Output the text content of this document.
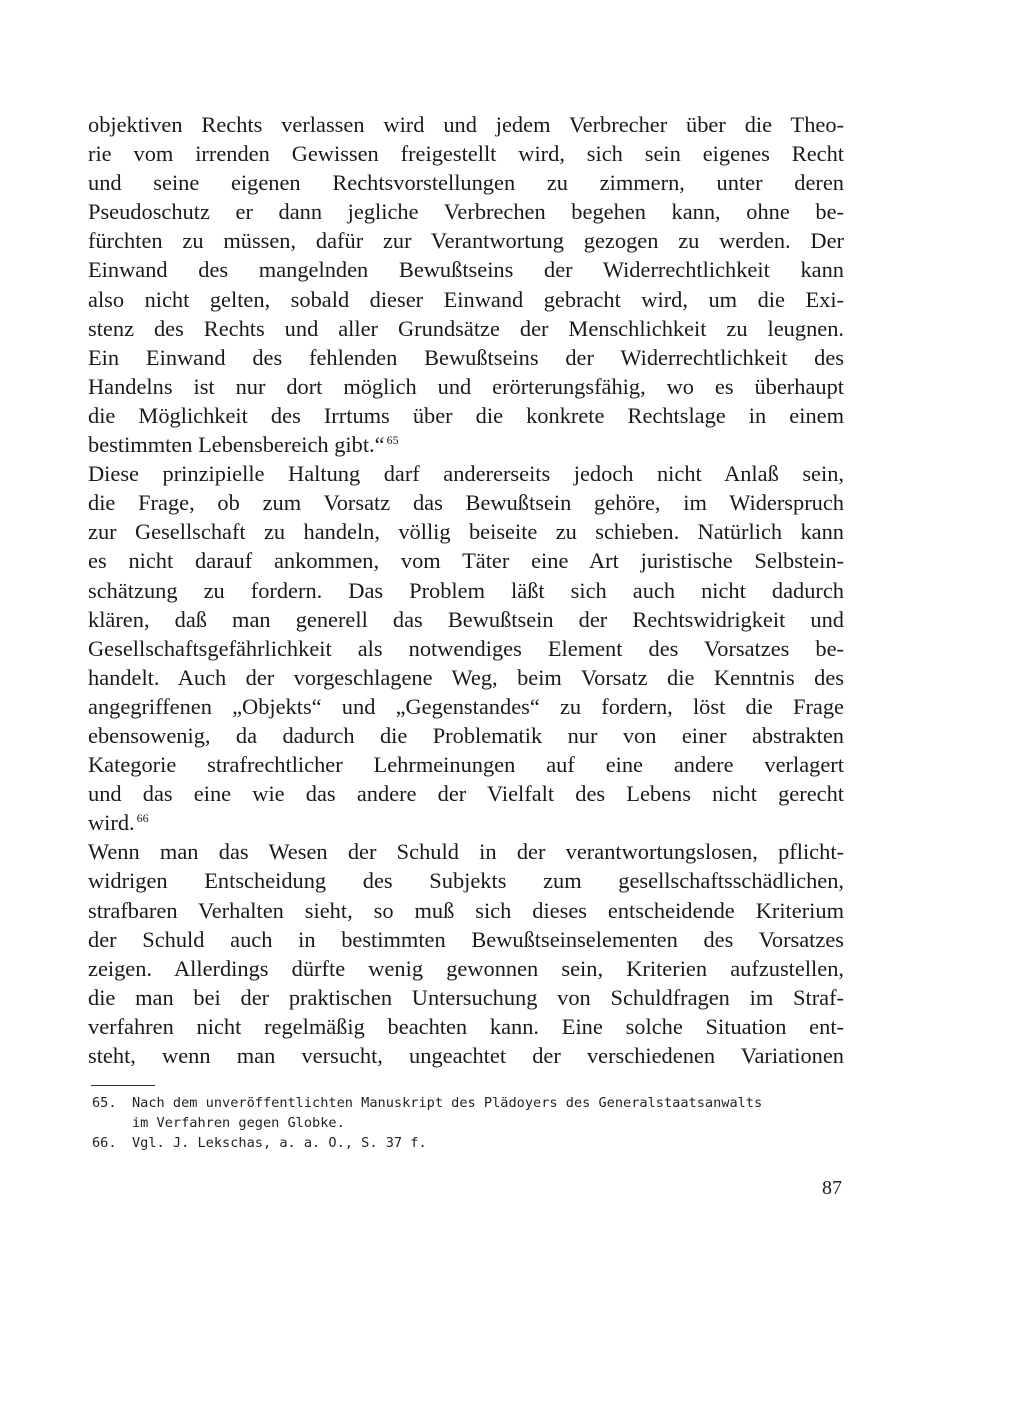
objektiven Rechts verlassen wird und jedem Verbrecher über die Theo-
rie vom irrenden Gewissen freigestellt wird, sich sein eigenes Recht
und seine eigenen Rechtsvorstellungen zu zimmern, unter deren
Pseudoschutz er dann jegliche Verbrechen begehen kann, ohne be-
fürchten zu müssen, dafür zur Verantwortung gezogen zu werden. Der
Einwand des mangelnden Bewußtseins der Widerrechtlichkeit kann
also nicht gelten, sobald dieser Einwand gebracht wird, um die Exi-
stenz des Rechts und aller Grundsätze der Menschlichkeit zu leugnen.
Ein Einwand des fehlenden Bewußtseins der Widerrechtlichkeit des
Handelns ist nur dort möglich und erörterungsfähig, wo es überhaupt
die Möglichkeit des Irrtums über die konkrete Rechtslage in einem
bestimmten Lebensbereich gibt.“ $^{65}$
Diese prinzipielle Haltung darf andererseits jedoch nicht Anlaß sein,
die Frage, ob zum Vorsatz das Bewußtsein gehöre, im Widerspruch
zur Gesellschaft zu handeln, völlig beiseite zu schieben. Natürlich kann
es nicht darauf ankommen, vom Täter eine Art juristische Selbstein-
schätzung zu fordern. Das Problem läßt sich auch nicht dadurch
klären, daß man generell das Bewußtsein der Rechtswidrigkeit und
Gesellschaftsgefährlichkeit als notwendiges Element des Vorsatzes be-
handelt. Auch der vorgeschlagene Weg, beim Vorsatz die Kenntnis des
angegriffenen „Objekts“ und „Gegenstandes“ zu fordern, löst die Frage
ebensowenig, da dadurch die Problematik nur von einer abstrakten
Kategorie strafrechtlicher Lehrmeinungen auf eine andere verlagert
und das eine wie das andere der Vielfalt des Lebens nicht gerecht
wird. $^{66}$
Wenn man das Wesen der Schuld in der verantwortungslosen, pflicht-
widrigen Entscheidung des Subjekts zum gesellschaftsschädlichen,
strafbaren Verhalten sieht, so muß sich dieses entscheidende Kriterium
der Schuld auch in bestimmten Bewußtseinselementen des Vorsatzes
zeigen. Allerdings dürfte wenig gewonnen sein, Kriterien aufzustellen,
die man bei der praktischen Untersuchung von Schuldfragen im Straf-
verfahren nicht regelmäßig beachten kann. Eine solche Situation ent-
steht, wenn man versucht, ungeachtet der verschiedenen Variationen
65. Nach dem unveröffentlichten Manuskript des Plädoyers des Generalstaatsanwalts
im Verfahren gegen Globke.
66. Vgl. J. Lekschas, a. a. O., S. 37 f.
87
